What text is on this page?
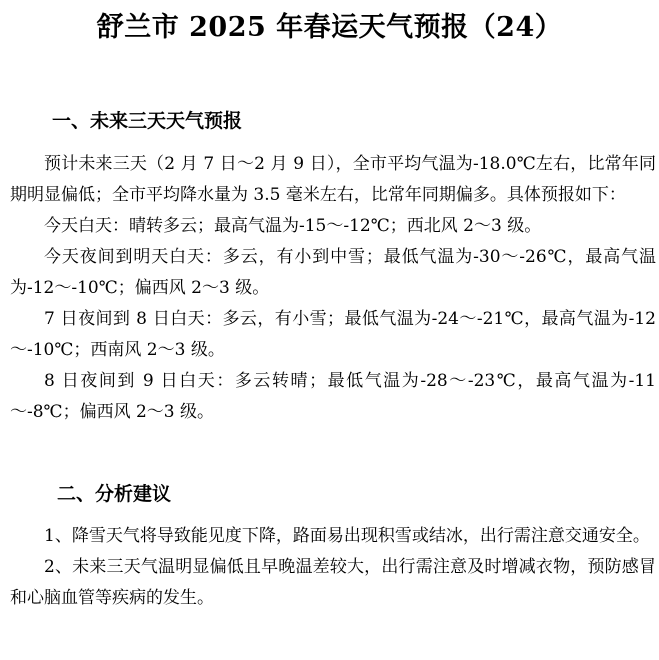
舒兰市 2025 年春运天气预报（24）
一、未来三天天气预报

预计未来三天（2 月 7 日～2 月 9 日），全市平均气温为-18.0℃左右，比常年同期明显偏低；全市平均降水量为 3.5 毫米左右，比常年同期偏多。具体预报如下：

今天白天：晴转多云；最高气温为-15～-12℃；西北风 2～3 级。

今天夜间到明天白天：多云，有小到中雪；最低气温为-30～-26℃，最高气温为-12～-10℃；偏西风 2～3 级。

7 日夜间到 8 日白天：多云，有小雪；最低气温为-24～-21℃，最高气温为-12～-10℃；西南风 2～3 级。

8 日夜间到 9 日白天：多云转晴；最低气温为-28～-23℃，最高气温为-11～-8℃；偏西风 2～3 级。

二、分析建议

1、降雪天气将导致能见度下降，路面易出现积雪或结冰，出行需注意交通安全。

2、未来三天气温明显偏低且早晚温差较大，出行需注意及时增减衣物，预防感冒和心脑血管等疾病的发生。
